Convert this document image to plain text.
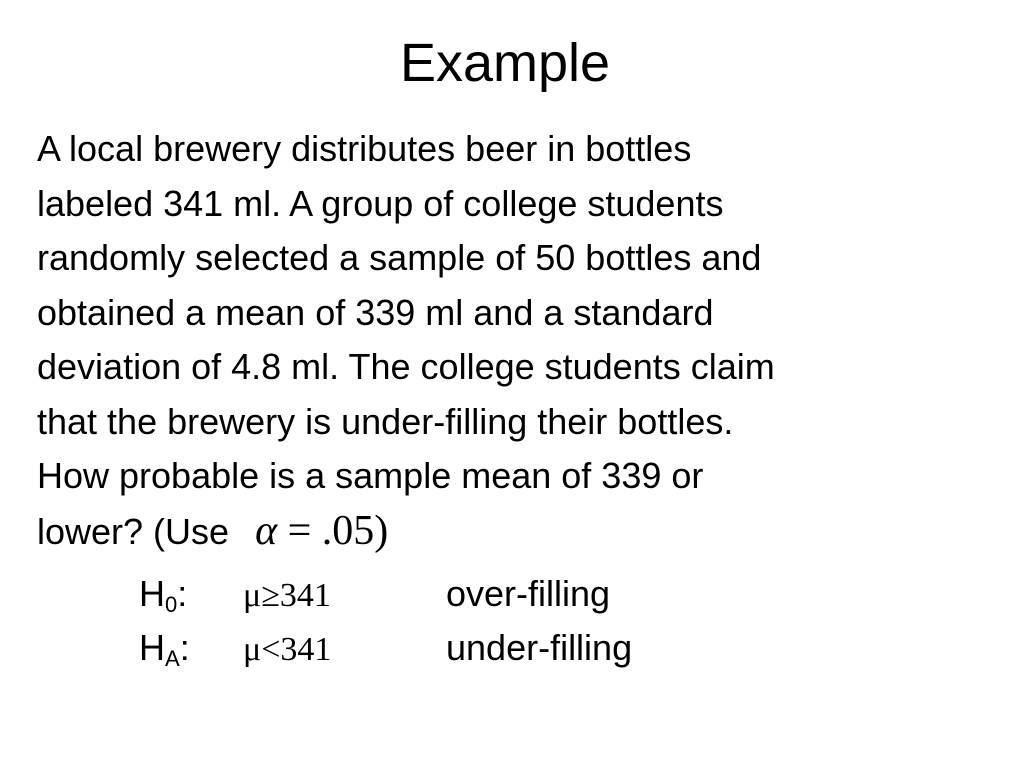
Example
A local brewery distributes beer in bottles
labeled 341 ml. A group of college students
randomly selected a sample of 50 bottles and
obtained a mean of 339 ml and a standard
deviation of 4.8 ml. The college students claim
that the brewery is under-filling their bottles.
How probable is a sample mean of 339 or
lower? (Use α = .05)
$H_0$: μ≥341	over-filling
$H_A$: μ<341	under-filling
